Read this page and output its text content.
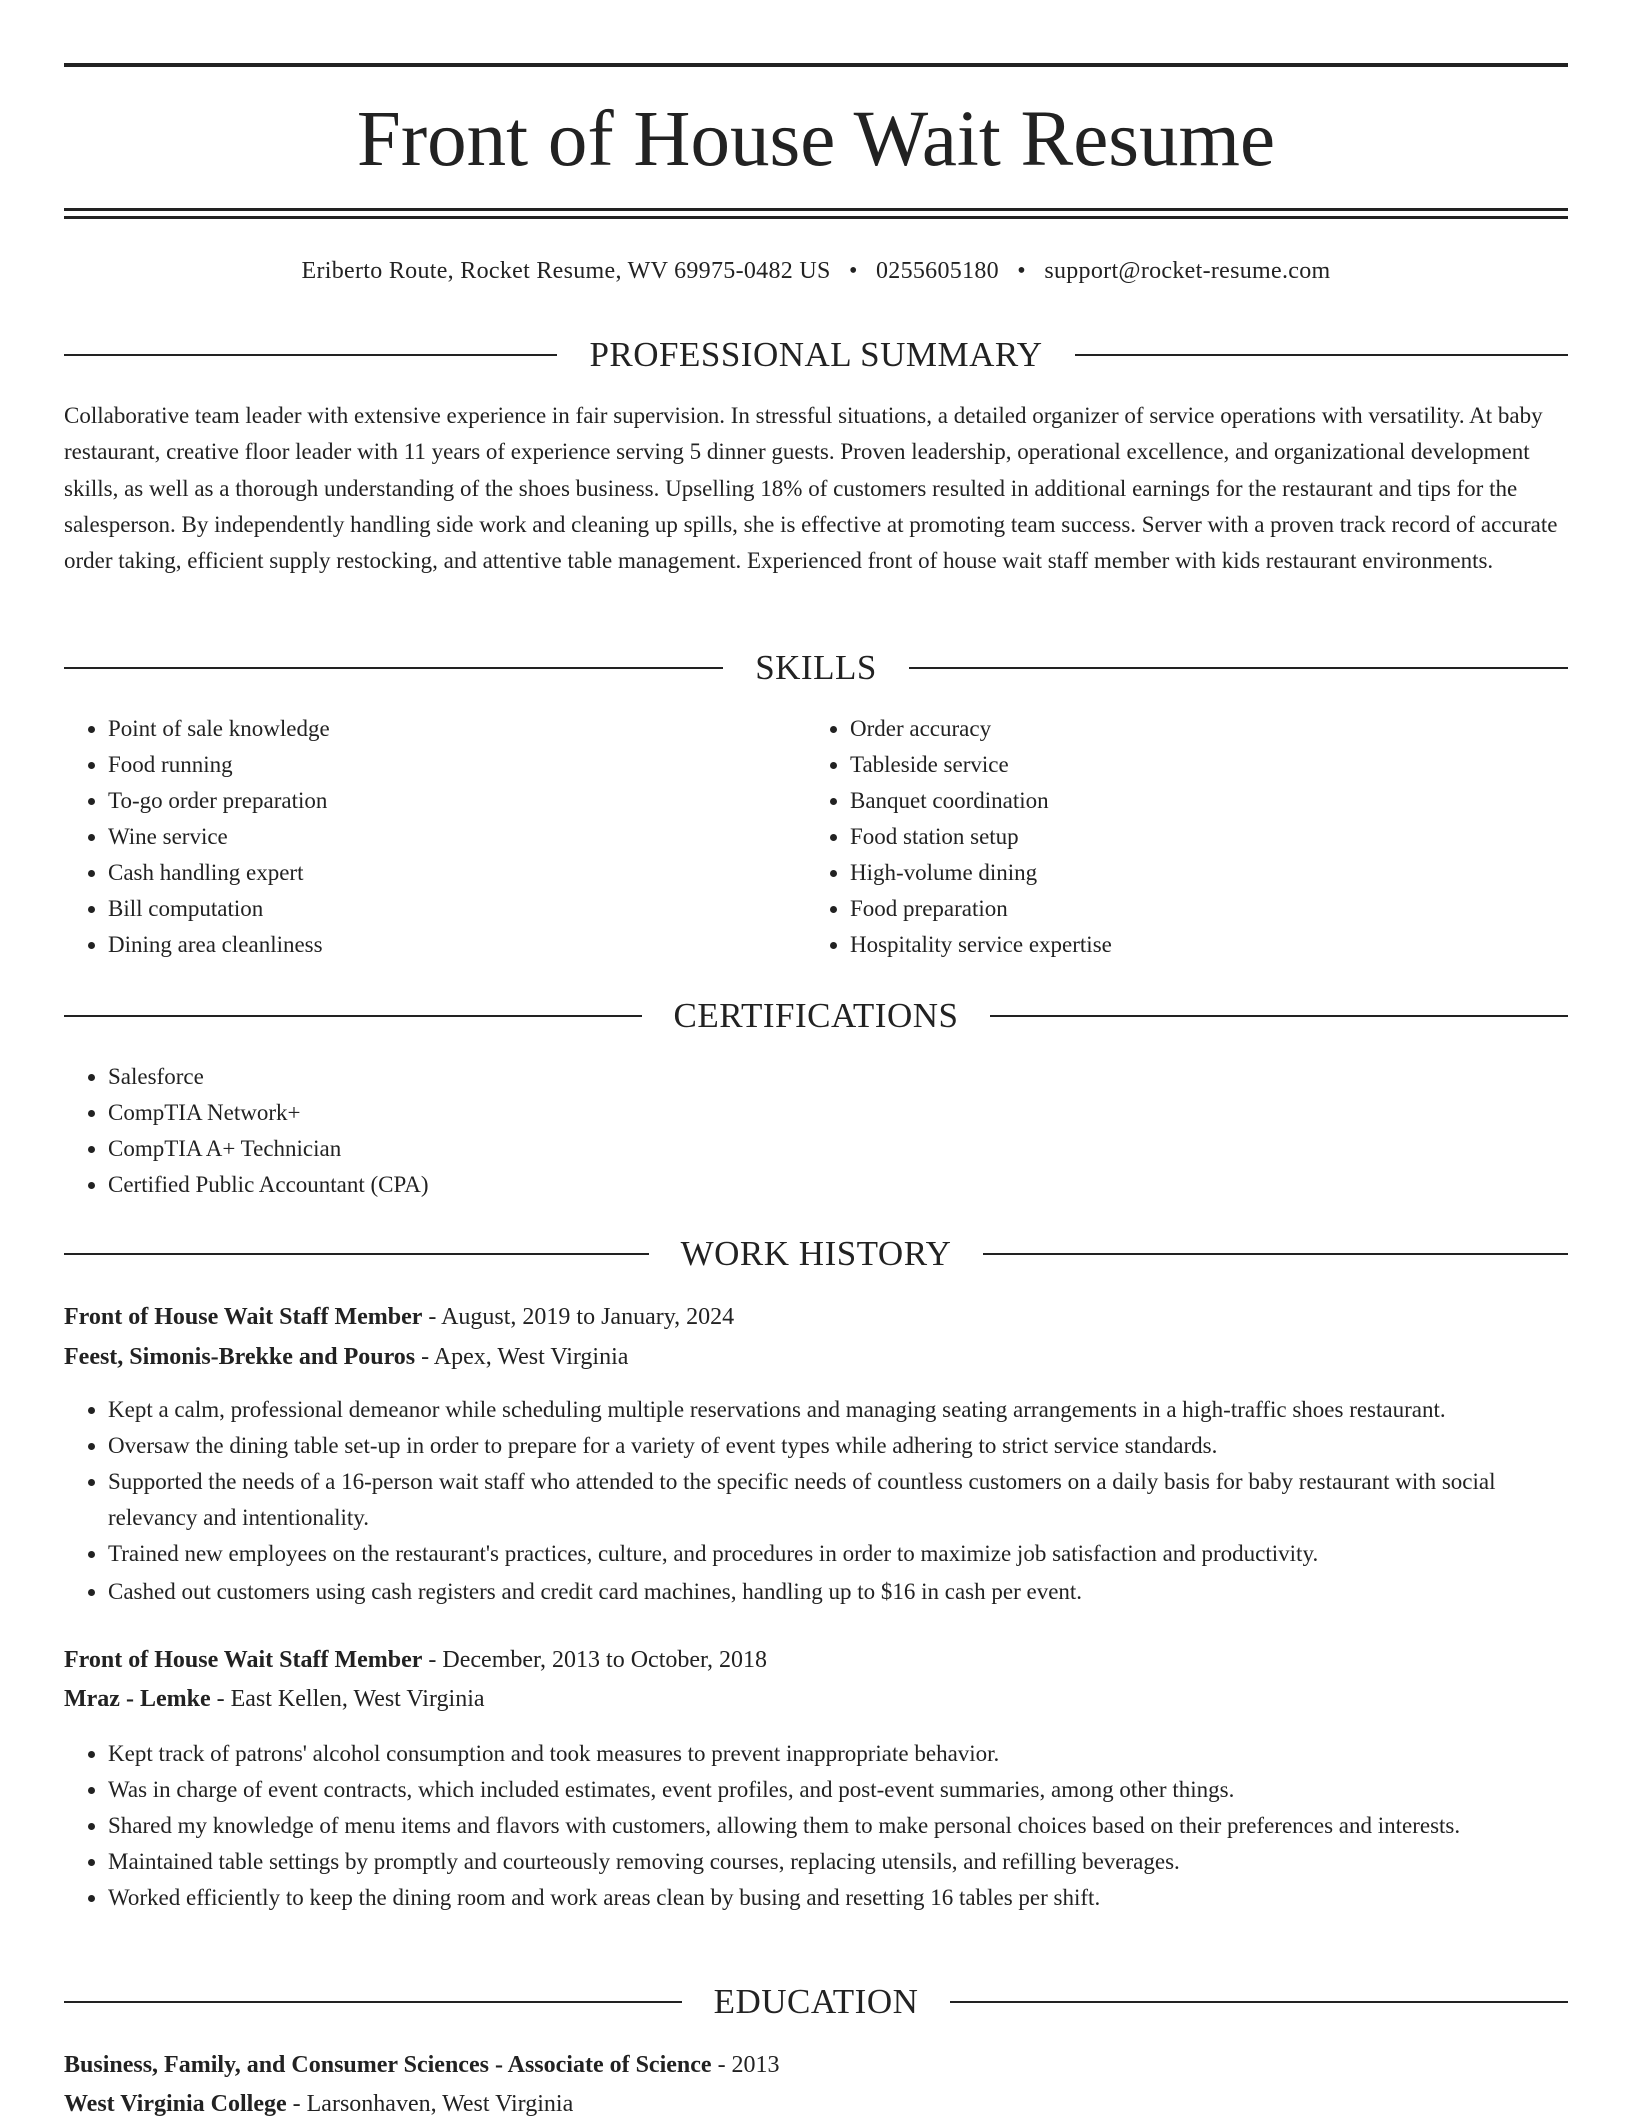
Front of House Wait Resume
Eriberto Route, Rocket Resume, WV 69975-0482 US • 0255605180 • support@rocket-resume.com
PROFESSIONAL SUMMARY

Collaborative team leader with extensive experience in fair supervision. In stressful situations, a detailed organizer of service operations with versatility. At baby restaurant, creative floor leader with 11 years of experience serving 5 dinner guests. Proven leadership, operational excellence, and organizational development skills, as well as a thorough understanding of the shoes business. Upselling 18% of customers resulted in additional earnings for the restaurant and tips for the salesperson. By independently handling side work and cleaning up spills, she is effective at promoting team success. Server with a proven track record of accurate order taking, efficient supply restocking, and attentive table management. Experienced front of house wait staff member with kids restaurant environments.

SKILLS
• Point of sale knowledge
• Food running
• To-go order preparation
• Wine service
• Cash handling expert
• Bill computation
• Dining area cleanliness
• Order accuracy
• Tableside service
• Banquet coordination
• Food station setup
• High-volume dining
• Food preparation
• Hospitality service expertise
CERTIFICATIONS
• Salesforce
• CompTIA Network+
• CompTIA A+ Technician
• Certified Public Accountant (CPA)
WORK HISTORY
Front of House Wait Staff Member - August, 2019 to January, 2024
Feest, Simonis-Brekke and Pouros - Apex, West Virginia
• Kept a calm, professional demeanor while scheduling multiple reservations and managing seating arrangements in a high-traffic shoes restaurant.
• Oversaw the dining table set-up in order to prepare for a variety of event types while adhering to strict service standards.
• Supported the needs of a 16-person wait staff who attended to the specific needs of countless customers on a daily basis for baby restaurant with social relevancy and intentionality.
• Trained new employees on the restaurant's practices, culture, and procedures in order to maximize job satisfaction and productivity.
• Cashed out customers using cash registers and credit card machines, handling up to $16 in cash per event.
Front of House Wait Staff Member - December, 2013 to October, 2018
Mraz - Lemke - East Kellen, West Virginia
• Kept track of patrons' alcohol consumption and took measures to prevent inappropriate behavior.
• Was in charge of event contracts, which included estimates, event profiles, and post-event summaries, among other things.
• Shared my knowledge of menu items and flavors with customers, allowing them to make personal choices based on their preferences and interests.
• Maintained table settings by promptly and courteously removing courses, replacing utensils, and refilling beverages.
• Worked efficiently to keep the dining room and work areas clean by busing and resetting 16 tables per shift.
EDUCATION
Business, Family, and Consumer Sciences - Associate of Science - 2013
West Virginia College - Larsonhaven, West Virginia
